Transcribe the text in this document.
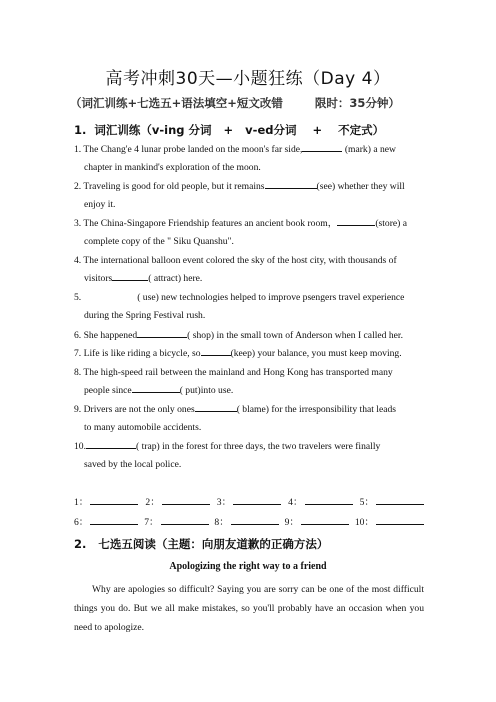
高考冲刺30天—小题狂练（Day 4）
（词汇训练+七选五+语法填空+短文改错        限时：35分钟）
1.  词汇训练（v-ing 分词   +   v-ed分词    +    不定式）
1. The Chang'e 4 lunar probe landed on the moon's far side,	(mark) a new
chapter in mankind's exploration of the moon.
2. Traveling is good for old people, but it remains	(see) whether they will
enjoy it.
3. The China-Singapore Friendship features an ancient book room，	(store) a
complete copy of the " Siku Quanshu".
4. The international balloon event colored the sky of the host city, with thousands of
visitors	( attract) here.
5.	( use) new technologies helped to improve psengers travel experience
during the Spring Festival rush.
6. She happened	( shop) in the small town of Anderson when I called her.
7. Life is like riding a bicycle, so	(keep) your balance, you must keep moving.
8. The high-speed rail between the mainland and Hong Kong has transported many
people since	( put)into use.
9. Drivers are not the only ones	( blame) for the irresponsibility that leads
to many automobile accidents.
10.	( trap) in the forest for three days, the two travelers were finally
saved by the local police.
1：	2：	3：	4：	5：
6：	7：	8：	9：	10：
2.   七选五阅读（主题：向朋友道歉的正确方法）
Apologizing the right way to a friend
Why are apologies so difficult? Saying you are sorry can be one of the most difficult things you do. But we all make mistakes, so you'll probably have an occasion when you need to apologize.
